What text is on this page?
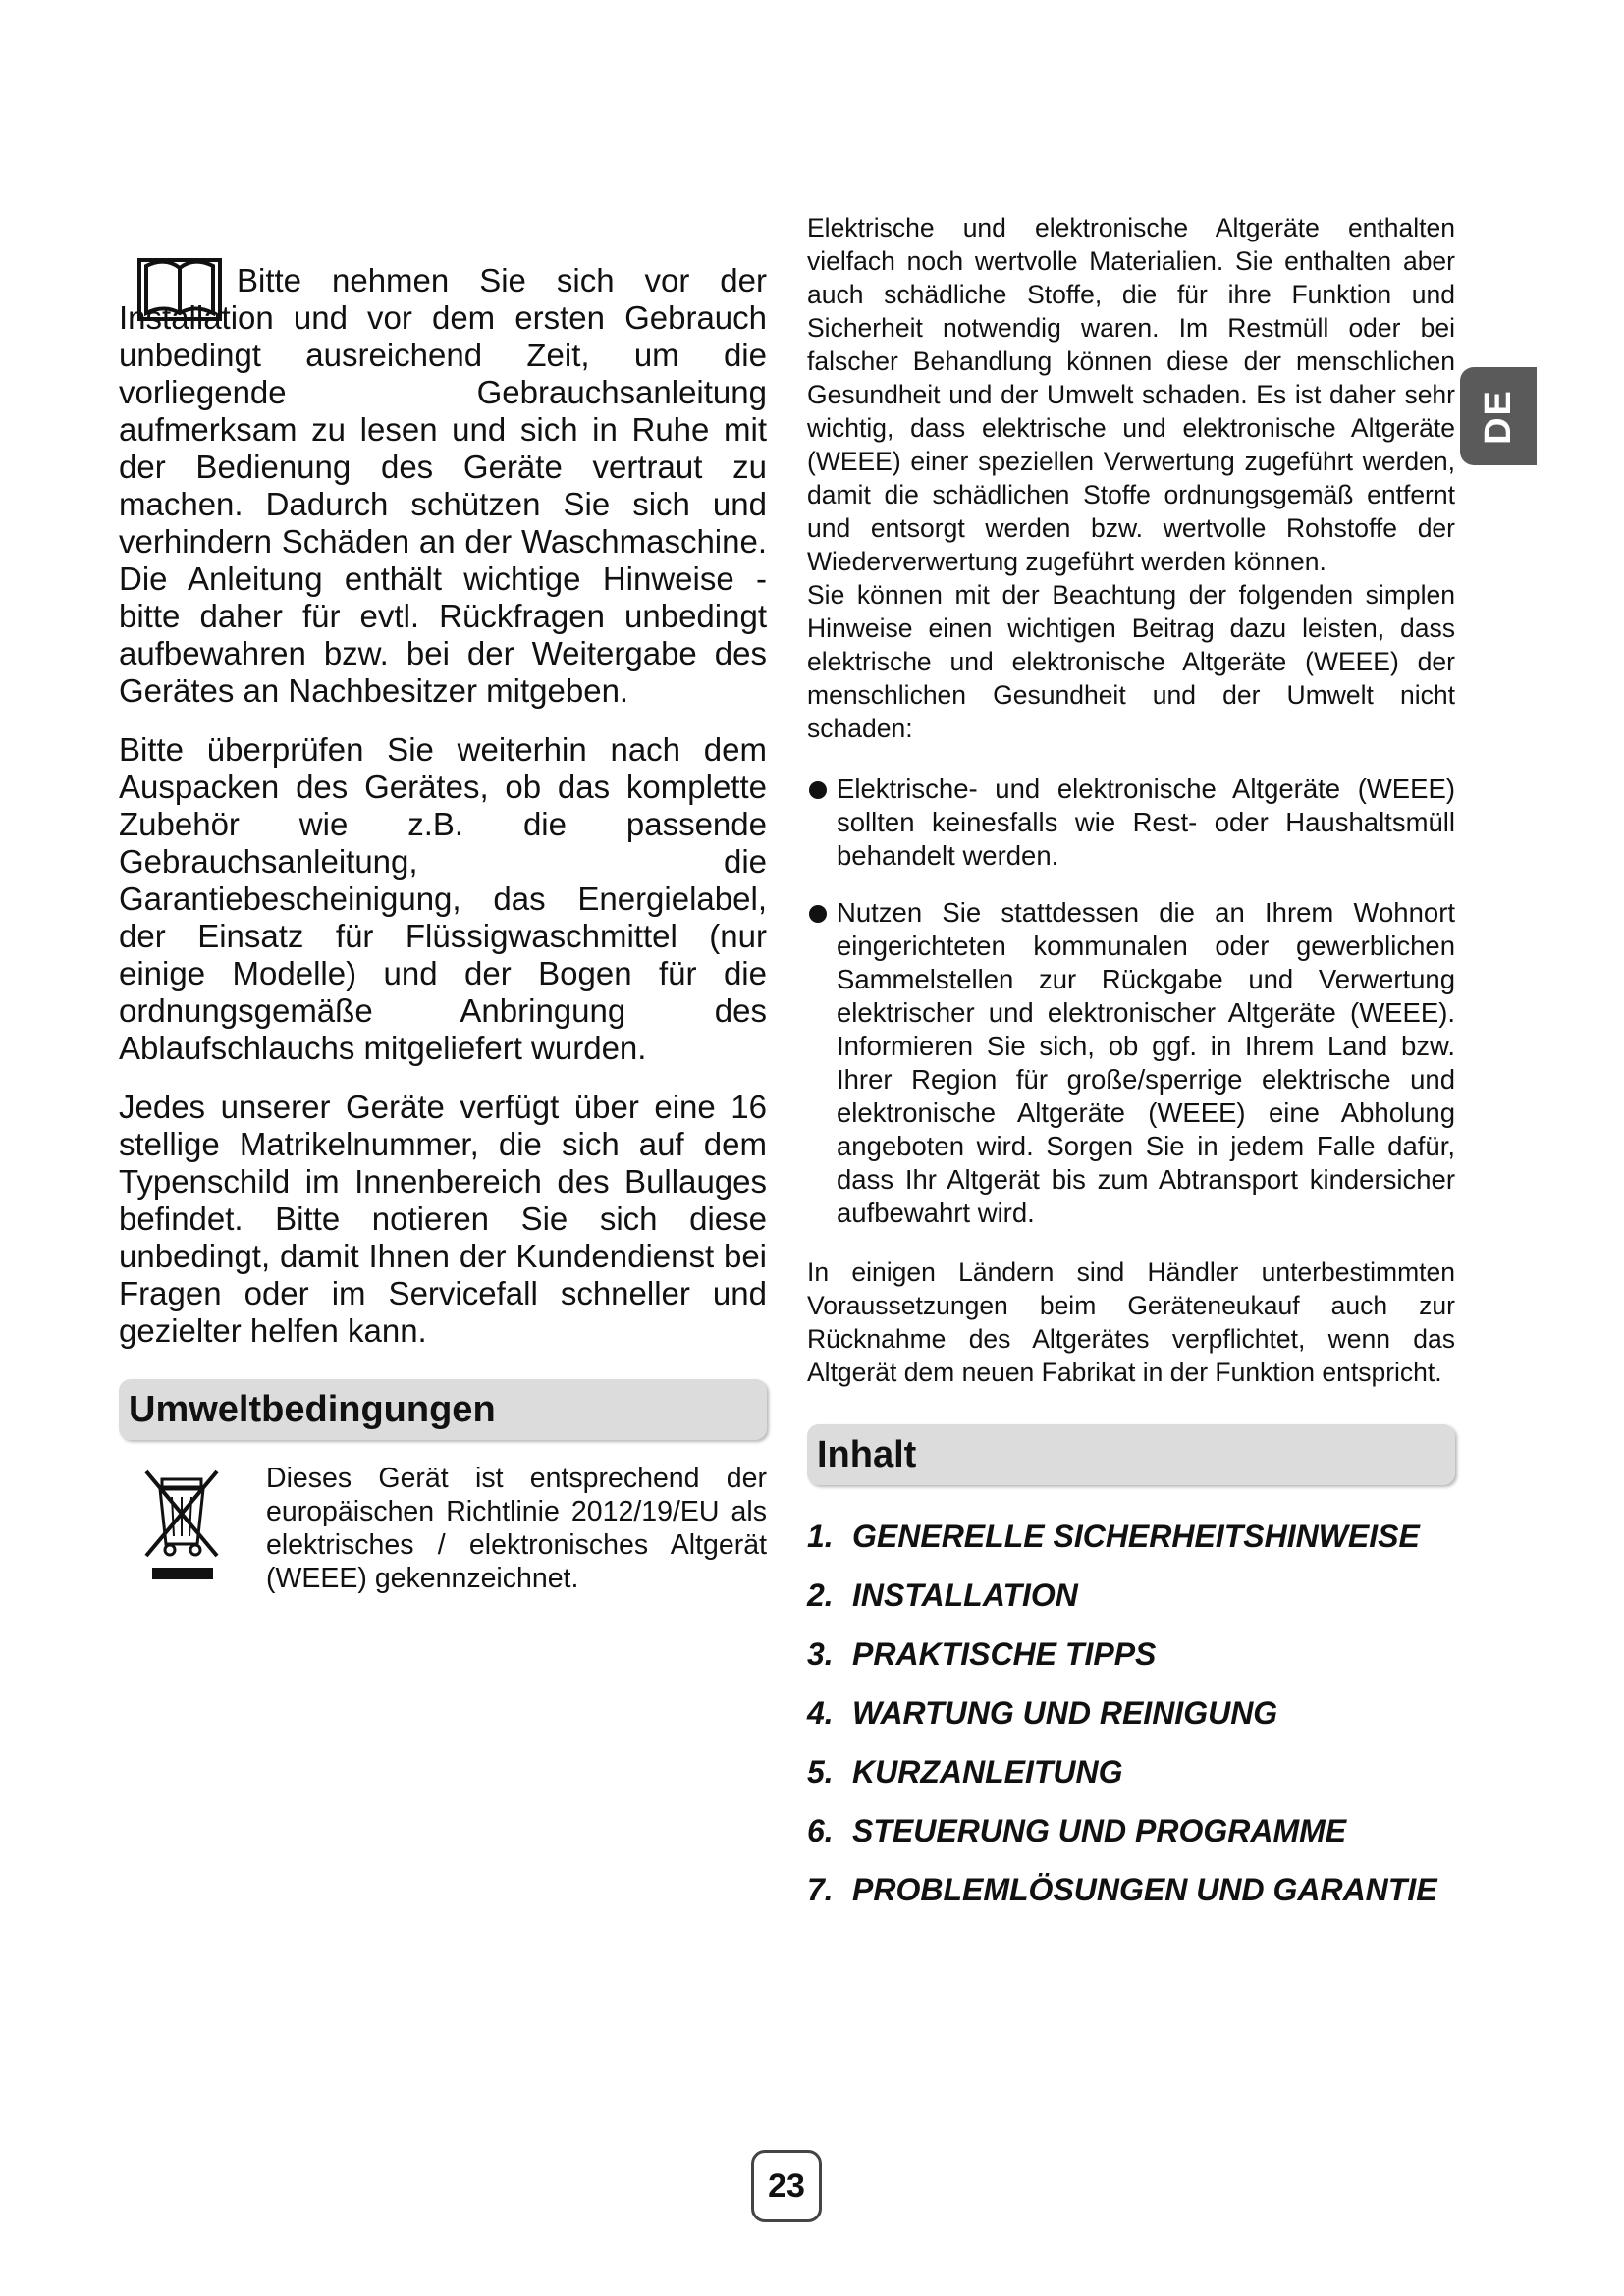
Bitte nehmen Sie sich vor der Installation und vor dem ersten Gebrauch unbedingt ausreichend Zeit, um die vorliegende Gebrauchsanleitung aufmerksam zu lesen und sich in Ruhe mit der Bedienung des Geräte vertraut zu machen. Dadurch schützen Sie sich und verhindern Schäden an der Waschmaschine. Die Anleitung enthält wichtige Hinweise - bitte daher für evtl. Rückfragen unbedingt aufbewahren bzw. bei der Weitergabe des Gerätes an Nachbesitzer mitgeben.

Bitte überprüfen Sie weiterhin nach dem Auspacken des Gerätes, ob das komplette Zubehör wie z.B. die passende Gebrauchsanleitung, die Garantiebescheinigung, das Energielabel, der Einsatz für Flüssigwaschmittel (nur einige Modelle) und der Bogen für die ordnungsgemäße Anbringung des Ablaufschlauchs mitgeliefert wurden.

Jedes unserer Geräte verfügt über eine 16 stellige Matrikelnummer, die sich auf dem Typenschild im Innenbereich des Bullauges befindet. Bitte notieren Sie sich diese unbedingt, damit Ihnen der Kundendienst bei Fragen oder im Servicefall schneller und gezielter helfen kann.

Umweltbedingungen

Dieses Gerät ist entsprechend der europäischen Richtlinie 2012/19/EU als elektrisches / elektronisches Altgerät (WEEE) gekennzeichnet.

Elektrische und elektronische Altgeräte enthalten vielfach noch wertvolle Materialien. Sie enthalten aber auch schädliche Stoffe, die für ihre Funktion und Sicherheit notwendig waren. Im Restmüll oder bei falscher Behandlung können diese der menschlichen Gesundheit und der Umwelt schaden. Es ist daher sehr wichtig, dass elektrische und elektronische Altgeräte (WEEE) einer speziellen Verwertung zugeführt werden, damit die schädlichen Stoffe ordnungsgemäß entfernt und entsorgt werden bzw. wertvolle Rohstoffe der Wiederverwertung zugeführt werden können.

Sie können mit der Beachtung der folgenden simplen Hinweise einen wichtigen Beitrag dazu leisten, dass elektrische und elektronische Altgeräte (WEEE) der menschlichen Gesundheit und der Umwelt nicht schaden:

Elektrische- und elektronische Altgeräte (WEEE) sollten keinesfalls wie Rest- oder Haushaltsmüll behandelt werden.

Nutzen Sie stattdessen die an Ihrem Wohnort eingerichteten kommunalen oder gewerblichen Sammelstellen zur Rückgabe und Verwertung elektrischer und elektronischer Altgeräte (WEEE). Informieren Sie sich, ob ggf. in Ihrem Land bzw. Ihrer Region für große/sperrige elektrische und elektronische Altgeräte (WEEE) eine Abholung angeboten wird. Sorgen Sie in jedem Falle dafür, dass Ihr Altgerät bis zum Abtransport kindersicher aufbewahrt wird.

In einigen Ländern sind Händler unterbestimmten Voraussetzungen beim Geräteneukauf auch zur Rücknahme des Altgerätes verpflichtet, wenn das Altgerät dem neuen Fabrikat in der Funktion entspricht.

Inhalt
1. GENERELLE SICHERHEITSHINWEISE
2. INSTALLATION
3. PRAKTISCHE TIPPS
4. WARTUNG UND REINIGUNG
5. KURZANLEITUNG
6. STEUERUNG UND PROGRAMME
7. PROBLEMLÖSUNGEN UND GARANTIE
DE
23
